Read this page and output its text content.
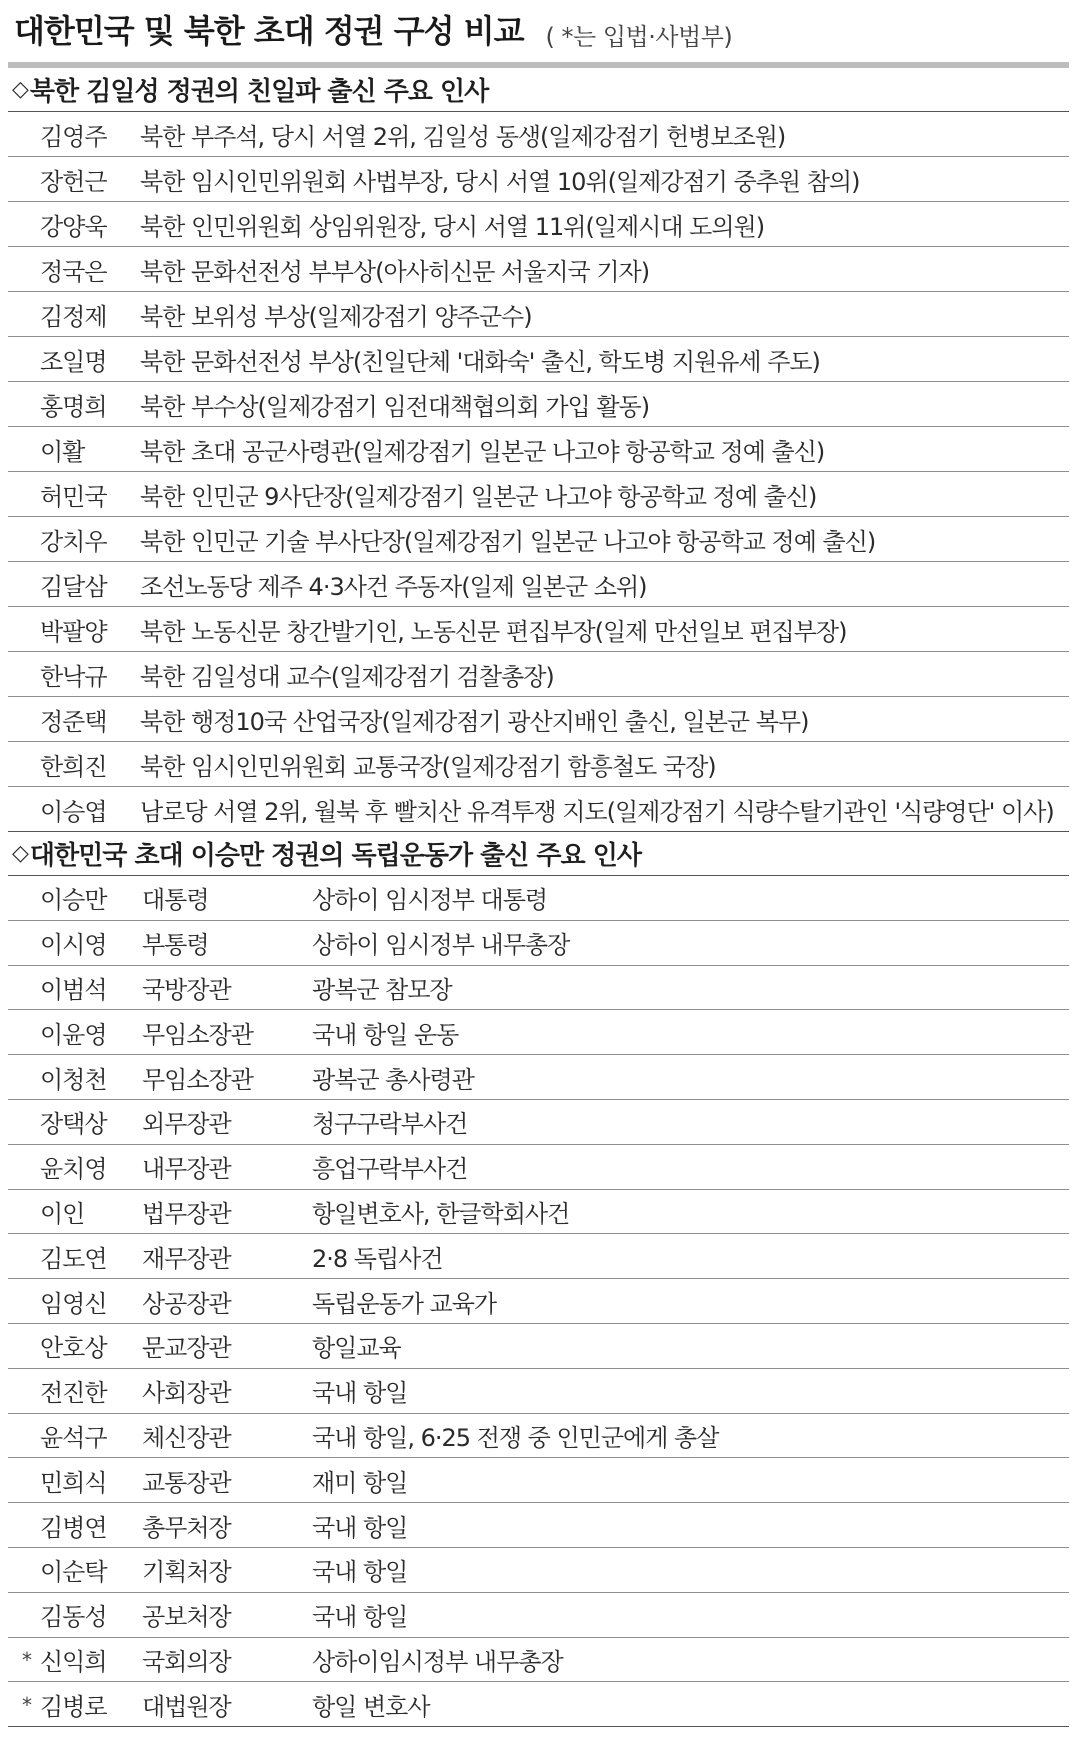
대한민국 및 북한 초대 정권 구성 비교 ( *는 입법·사법부)
◇ 북한 김일성 정권의 친일파 출신 주요 인사
김영주	북한 부주석, 당시 서열 2위, 김일성 동생(일제강점기 헌병보조원)
장헌근	북한 임시인민위원회 사법부장, 당시 서열 10위(일제강점기 중추원 참의)
강양욱	북한 인민위원회 상임위원장, 당시 서열 11위(일제시대 도의원)
정국은	북한 문화선전성 부부상(아사히신문 서울지국 기자)
김정제	북한 보위성 부상(일제강점기 양주군수)
조일명	북한 문화선전성 부상(친일단체 '대화숙' 출신, 학도병 지원유세 주도)
홍명희	북한 부수상(일제강점기 임전대책협의회 가입 활동)
이활	북한 초대 공군사령관(일제강점기 일본군 나고야 항공학교 정예 출신)
허민국	북한 인민군 9사단장(일제강점기 일본군 나고야 항공학교 정예 출신)
강치우	북한 인민군 기술 부사단장(일제강점기 일본군 나고야 항공학교 정예 출신)
김달삼	조선노동당 제주 4·3사건 주동자(일제 일본군 소위)
박팔양	북한 노동신문 창간발기인, 노동신문 편집부장(일제 만선일보 편집부장)
한낙규	북한 김일성대 교수(일제강점기 검찰총장)
정준택	북한 행정10국 산업국장(일제강점기 광산지배인 출신, 일본군 복무)
한희진	북한 임시인민위원회 교통국장(일제강점기 함흥철도 국장)
이승엽	남로당 서열 2위, 월북 후 빨치산 유격투쟁 지도(일제강점기 식량수탈기관인 '식량영단' 이사)
◇ 대한민국 초대 이승만 정권의 독립운동가 출신 주요 인사
이승만	대통령	상하이 임시정부 대통령
이시영	부통령	상하이 임시정부 내무총장
이범석	국방장관	광복군 참모장
이윤영	무임소장관	국내 항일 운동
이청천	무임소장관	광복군 총사령관
장택상	외무장관	청구구락부사건
윤치영	내무장관	흥업구락부사건
이인	법무장관	항일변호사, 한글학회사건
김도연	재무장관	2·8 독립사건
임영신	상공장관	독립운동가 교육가
안호상	문교장관	항일교육
전진한	사회장관	국내 항일
윤석구	체신장관	국내 항일, 6·25 전쟁 중 인민군에게 총살
민희식	교통장관	재미 항일
김병연	총무처장	국내 항일
이순탁	기획처장	국내 항일
김동성	공보처장	국내 항일
* 신익희	국회의장	상하이임시정부 내무총장
* 김병로	대법원장	항일 변호사
